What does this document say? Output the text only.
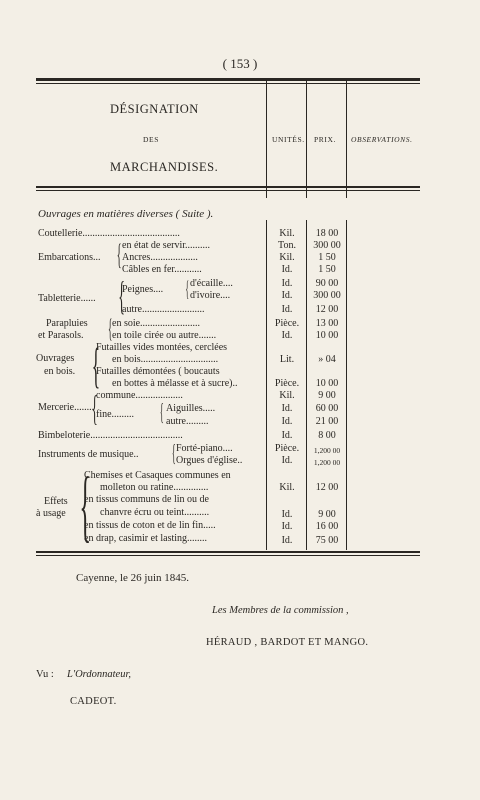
( 153 )
DÉSIGNATION
DES
MARCHANDISES.
UNITÉS. PRIX. OBSERVATIONS.
Ouvrages en matières diverses ( Suite ).
Coutellerie.......................................	Kil.	18 00
Embarcations... { en état de servir..........	Ton.	300 00
Ancres...................	Kil.	1 50
Câbles en fer...........	Id.	1 50
Tabletterie...... {
Peignes.... { d'écaille....	Id.	90 00
d'ivoire....	Id.	300 00
autre.........................	Id.	12 00
Parapluies
et Parasols. { en soie........................	Pièce.	13 00
en toile cirée ou autre.......	Id.	10 00
Ouvrages
en bois. {
Futailles vides montées, cerclées
en bois...............................	Lit.	» 04
Futailles démontées ( boucauts
en bottes à mélasse et à sucre)..	Pièce.	10 00
Mercerie........
{
commune...................	Kil.	9 00
fine......... { Aiguilles.....	Id.	60 00
autre.........	Id.	21 00
Bimbeloterie.....................................	Id.	8 00
Instruments de musique.. { Forté-piano....	Pièce.	1,200 00
Orgues d'église..	Id.	1,200 00
Effets
à usage {
Chemises et Casaques communes en
molleton ou ratine..............	Kil.	12 00
en tissus communs de lin ou de
chanvre écru ou teint..........	Id.	9 00
en tissus de coton et de lin fin.....	Id.	16 00
en drap, casimir et lasting........	Id.	75 00
Cayenne, le 26 juin 1845.
Les Membres de la commission ,
HÉRAUD , BARDOT ET MANGO.
Vu : L'Ordonnateur,
CADEOT.
